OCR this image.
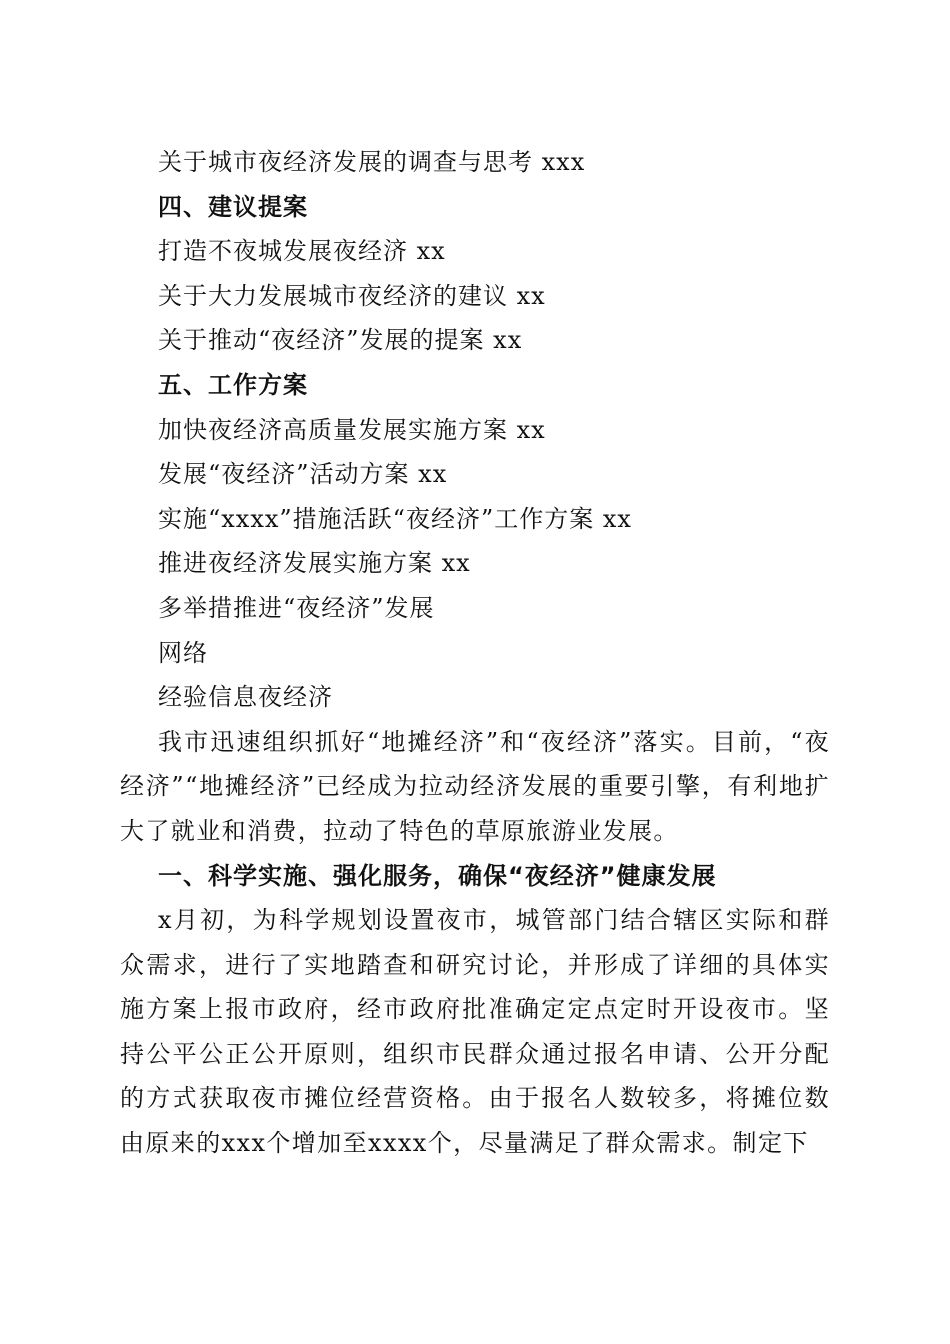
关于城市夜经济发展的调查与思考 xxx
四、建议提案
打造不夜城发展夜经济 xx
关于大力发展城市夜经济的建议 xx
关于推动“夜经济”发展的提案 xx
五、工作方案
加快夜经济高质量发展实施方案 xx
发展“夜经济”活动方案 xx
实施“xxxx”措施活跃“夜经济”工作方案 xx
推进夜经济发展实施方案 xx
多举措推进“夜经济”发展
网络
经验信息夜经济

我市迅速组织抓好“地摊经济”和“夜经济”落实。目前，“夜经济”“地摊经济”已经成为拉动经济发展的重要引擎，有利地扩大了就业和消费，拉动了特色的草原旅游业发展。

一、科学实施、强化服务，确保“夜经济”健康发展

x月初，为科学规划设置夜市，城管部门结合辖区实际和群众需求，进行了实地踏查和研究讨论，并形成了详细的具体实施方案上报市政府，经市政府批准确定定点定时开设夜市。坚持公平公正公开原则，组织市民群众通过报名申请、公开分配的方式获取夜市摊位经营资格。由于报名人数较多，将摊位数由原来的xxx个增加至xxxx个，尽量满足了群众需求。制定下
